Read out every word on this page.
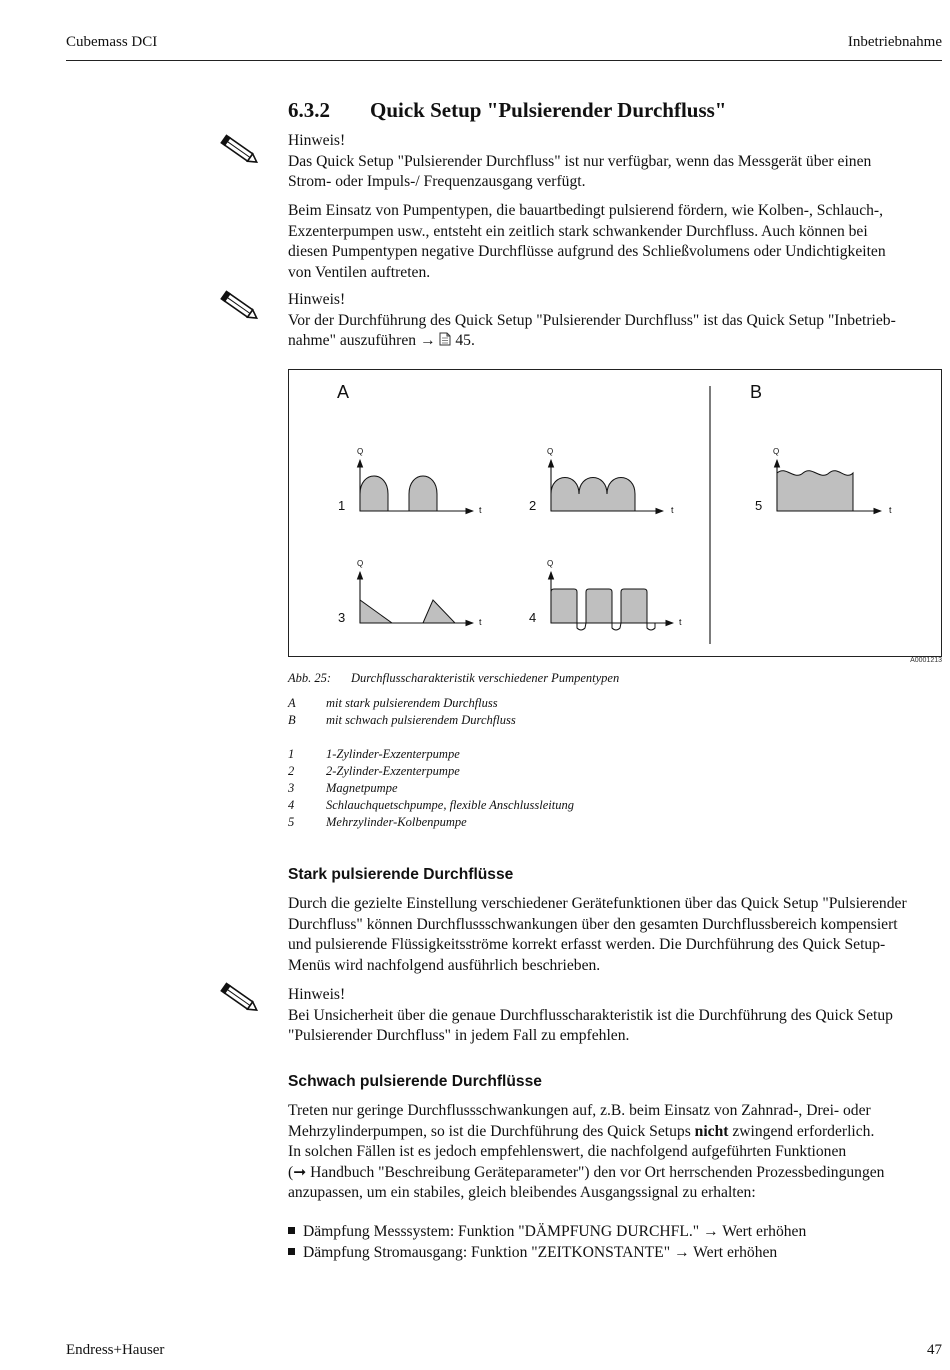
Cubemass DCI	Inbetriebnahme
6.3.2 Quick Setup "Pulsierender Durchfluss"
Hinweis!
Das Quick Setup "Pulsierender Durchfluss" ist nur verfügbar, wenn das Messgerät über einen
Strom- oder Impuls-/ Frequenzausgang verfügt.
Beim Einsatz von Pumpentypen, die bauartbedingt pulsierend fördern, wie Kolben-, Schlauch-,
Exzenterpumpen usw., entsteht ein zeitlich stark schwankender Durchfluss. Auch können bei
diesen Pumpentypen negative Durchflüsse aufgrund des Schließvolumens oder Undichtigkeiten
von Ventilen auftreten.
Hinweis!
Vor der Durchführung des Quick Setup "Pulsierender Durchfluss" ist das Quick Setup "Inbetrieb-
nahme" auszuführen → 45.
A	B
Q
t
1
Q
t
2
Q
t
5
Q
t
3
Q
t
4
A0001213
Abb. 25: Durchflusscharakteristik verschiedener Pumpentypen
A mit stark pulsierendem Durchfluss
B mit schwach pulsierendem Durchfluss
1	1-Zylinder-Exzenterpumpe
2	2-Zylinder-Exzenterpumpe
3	Magnetpumpe
4	Schlauchquetschpumpe, flexible Anschlussleitung
5	Mehrzylinder-Kolbenpumpe
Stark pulsierende Durchflüsse
Durch die gezielte Einstellung verschiedener Gerätefunktionen über das Quick Setup "Pulsierender
Durchfluss" können Durchflussschwankungen über den gesamten Durchflussbereich kompensiert
und pulsierende Flüssigkeitsströme korrekt erfasst werden. Die Durchführung des Quick Setup-
Menüs wird nachfolgend ausführlich beschrieben.
Hinweis!
Bei Unsicherheit über die genaue Durchflusscharakteristik ist die Durchführung des Quick Setup
"Pulsierender Durchfluss" in jedem Fall zu empfehlen.
Schwach pulsierende Durchflüsse
Treten nur geringe Durchflussschwankungen auf, z.B. beim Einsatz von Zahnrad-, Drei- oder
Mehrzylinderpumpen, so ist die Durchführung des Quick Setups nicht zwingend erforderlich.
In solchen Fällen ist es jedoch empfehlenswert, die nachfolgend aufgeführten Funktionen
(➞ Handbuch "Beschreibung Geräteparameter") den vor Ort herrschenden Prozessbedingungen
anzupassen, um ein stabiles, gleich bleibendes Ausgangssignal zu erhalten:
Dämpfung Messsystem: Funktion "DÄMPFUNG DURCHFL." → Wert erhöhen
Dämpfung Stromausgang: Funktion "ZEITKONSTANTE" → Wert erhöhen
Endress+Hauser	47
